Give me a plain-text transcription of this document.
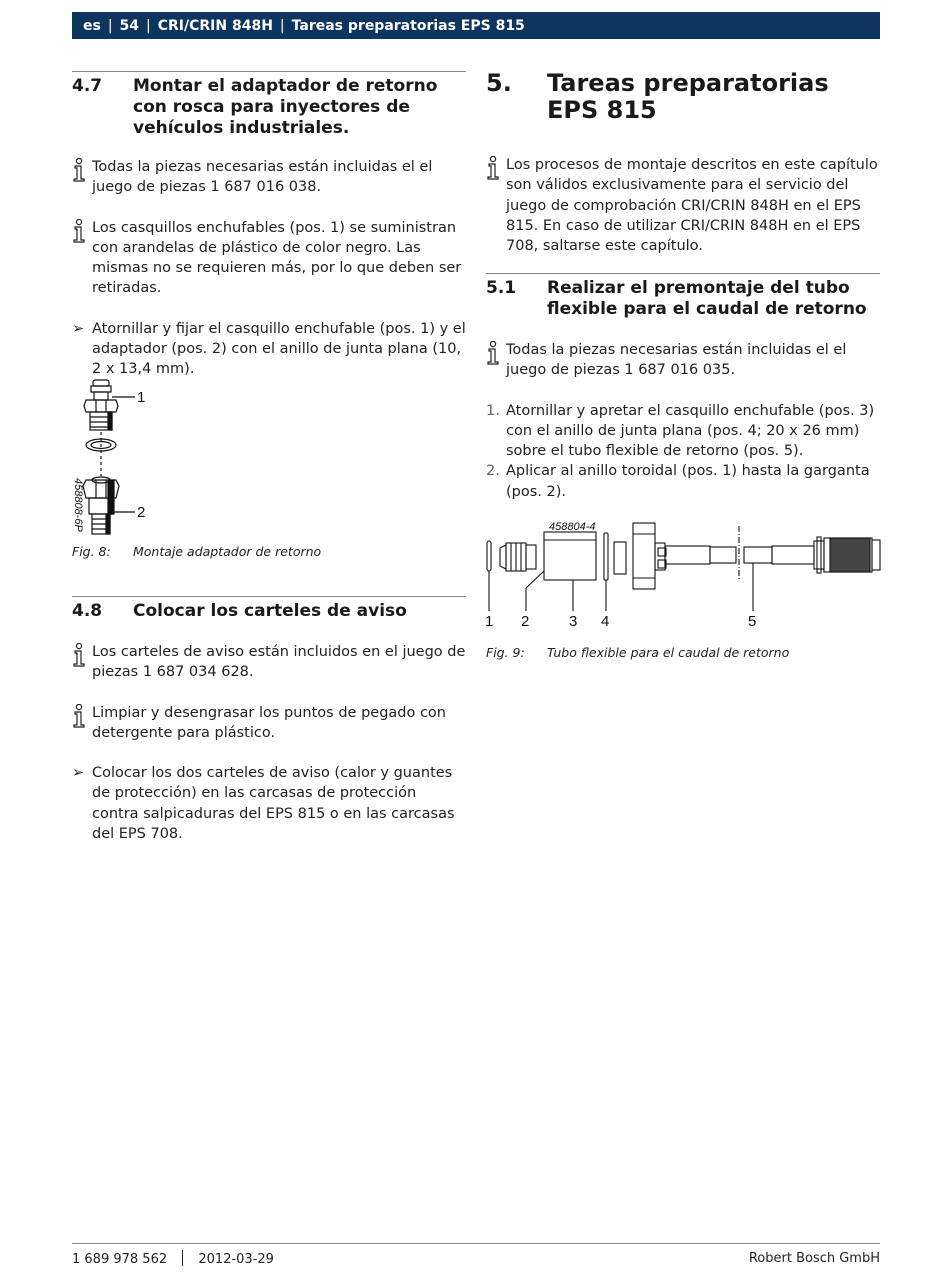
es | 54 | CRI/CRIN 848H | Tareas preparatorias EPS 815
4.7	Montar el adaptador de retorno con rosca para inyectores de vehículos industriales.
Todas la piezas necesarias están incluidas el el juego de piezas 1 687 016 038.
Los casquillos enchufables (pos. 1) se suministran con arandelas de plástico de color negro. Las mismas no se requieren más, por lo que deben ser retiradas.
➢ Atornillar y fijar el casquillo enchufable (pos. 1) y el adaptador (pos. 2) con el anillo de junta plana (10, 2 x 13,4 mm).
1
2
458808-6P
Fig. 8:	Montaje adaptador de retorno
4.8	Colocar los carteles de aviso
Los carteles de aviso están incluidos en el juego de piezas 1 687 034 628.
Limpiar y desengrasar los puntos de pegado con detergente para plástico.
➢ Colocar los dos carteles de aviso (calor y guantes de protección) en las carcasas de protección contra salpicaduras del EPS 815 o en las carcasas del EPS 708.
5.	Tareas preparatorias EPS 815
Los procesos de montaje descritos en este capítulo son válidos exclusivamente para el servicio del juego de comprobación CRI/CRIN 848H en el EPS 815. En caso de utilizar CRI/CRIN 848H en el EPS 708, saltarse este capítulo.
5.1	Realizar el premontaje del tubo flexible para el caudal de retorno
Todas la piezas necesarias están incluidas el el juego de piezas 1 687 016 035.
1. Atornillar y apretar el casquillo enchufable (pos. 3) con el anillo de junta plana (pos. 4; 20 x 26 mm) sobre el tubo flexible de retorno (pos. 5).
2. Aplicar al anillo toroidal (pos. 1) hasta la garganta (pos. 2).
458804-4
1 2	3 4	5
Fig. 9:	Tubo flexible para el caudal de retorno
1 689 978 562 2012-03-29	Robert Bosch GmbH
